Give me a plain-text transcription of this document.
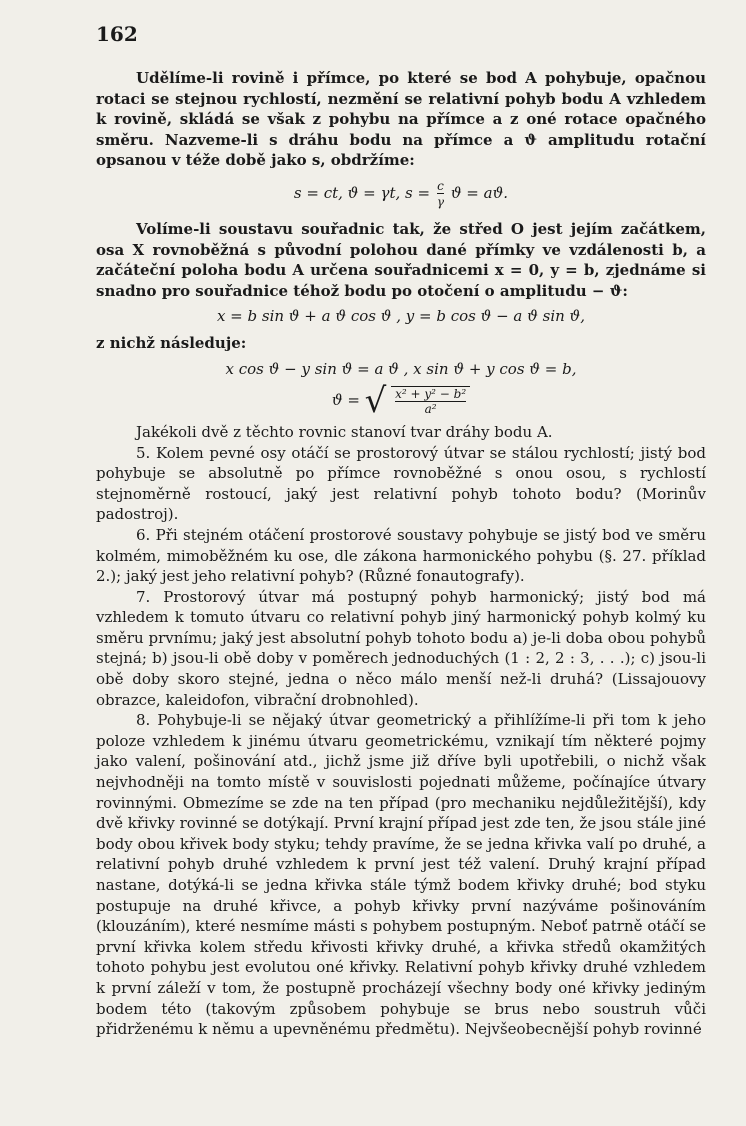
162

Udělíme-li rovině i přímce, po které se bod A pohybuje, opačnou rotaci se stejnou rychlostí, nezmění se relativní pohyb bodu A vzhledem k rovině, skládá se však z pohybu na přímce a z oné rotace opačného směru. Nazveme-li s dráhu bodu na přímce a ϑ amplitudu rotační opsanou v téže době jako s, obdržíme:

s = ct, ϑ = γt, $s = \frac{c}{\gamma}$ ϑ = aϑ.

Volíme-li soustavu souřadnic tak, že střed O jest jejím začátkem, osa X rovnoběžná s původní polohou dané přímky ve vzdálenosti b, a začáteční poloha bodu A určena souřadnicemi x = 0, y = b, zjednáme si snadno pro souřadnice téhož bodu po otočení o amplitudu − ϑ:

x = b sin ϑ + a ϑ cos ϑ , y = b cos ϑ − a ϑ sin ϑ,

z nichž následuje:

x cos ϑ − y sin ϑ = a ϑ , x sin ϑ + y cos ϑ = b,
ϑ = √ $\frac{\text{x² + y² − b²}}{\text{a²}}$

Jakékoli dvě z těchto rovnic stanoví tvar dráhy bodu A.

5. Kolem pevné osy otáčí se prostorový útvar se stálou rychlostí; jistý bod pohybuje se absolutně po přímce rovnoběžné s onou osou, s rychlostí stejnoměrně rostoucí, jaký jest relativní pohyb tohoto bodu? (Morinův padostroj).

6. Při stejném otáčení prostorové soustavy pohybuje se jistý bod ve směru kolmém, mimoběžném ku ose, dle zákona harmonického pohybu (§. 27. příklad 2.); jaký jest jeho relativní pohyb? (Různé fonautografy).

7. Prostorový útvar má postupný pohyb harmonický; jistý bod má vzhledem k tomuto útvaru co relativní pohyb jiný harmonický pohyb kolmý ku směru prvnímu; jaký jest absolutní pohyb tohoto bodu a) je-li doba obou pohybů stejná; b) jsou-li obě doby v poměrech jednoduchých (1 : 2, 2 : 3, . . .); c) jsou-li obě doby skoro stejné, jedna o něco málo menší než-li druhá? (Lissajouovy obrazce, kaleidofon, vibrační drobnohled).

8. Pohybuje-li se nějaký útvar geometrický a přihlížíme-li při tom k jeho poloze vzhledem k jinému útvaru geometrickému, vznikají tím některé pojmy jako valení, pošinování atd., jichž jsme již dříve byli upotřebili, o nichž však nejvhodněji na tomto místě v souvislosti pojednati můžeme, počínajíce útvary rovinnými. Obmezíme se zde na ten případ (pro mechaniku nejdůležitější), kdy dvě křivky rovinné se dotýkají. První krajní případ jest zde ten, že jsou stále jiné body obou křivek body styku; tehdy pravíme, že se jedna křivka valí po druhé, a relativní pohyb druhé vzhledem k první jest též valení. Druhý krajní případ nastane, dotýká-li se jedna křivka stále týmž bodem křivky druhé; bod styku postupuje na druhé křivce, a pohyb křivky první nazýváme pošinováním (klouzáním), které nesmíme másti s pohybem postupným. Neboť patrně otáčí se první křivka kolem středu křivosti křivky druhé, a křivka středů okamžitých tohoto pohybu jest evolutou oné křivky. Relativní pohyb křivky druhé vzhledem k první záleží v tom, že postupně procházejí všechny body oné křivky jediným bodem této (takovým způsobem pohybuje se brus nebo soustruh vůči přidrženému k němu a upevněnému předmětu). Nejvšeobecnější pohyb rovinné
